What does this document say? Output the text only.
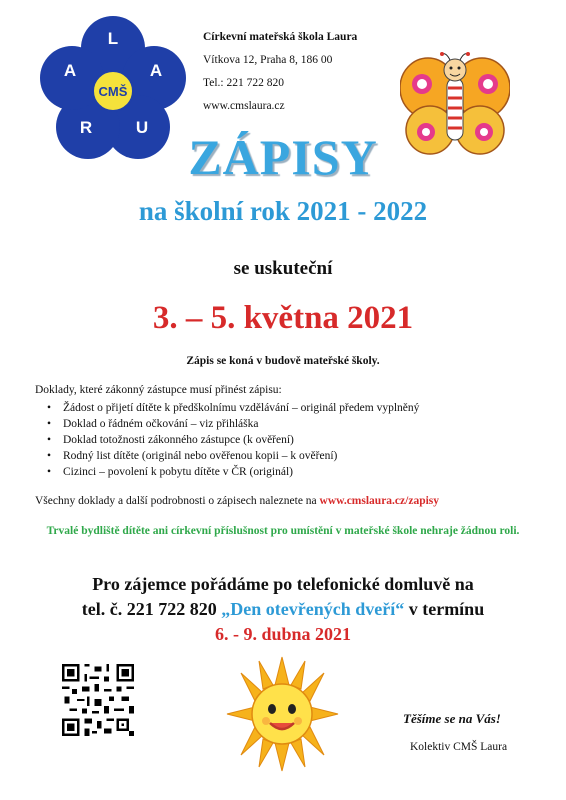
CMŠ
L
A
U
R
A
Církevní mateřská škola Laura
Vítkova 12, Praha 8, 186 00
Tel.: 221 722 820
www.cmslaura.cz
ZÁPISY
na školní rok 2021 - 2022
se uskuteční
3. – 5. května 2021
Zápis se koná v budově mateřské školy.
Doklady, které zákonný zástupce musí přinést zápisu:
• Žádost o přijetí dítěte k předškolnímu vzdělávání – originál předem vyplněný
• Doklad o řádném očkování – viz přihláška
• Doklad totožnosti zákonného zástupce (k ověření)
• Rodný list dítěte (originál nebo ověřenou kopii – k ověření)
• Cizinci – povolení k pobytu dítěte v ČR (originál)
Všechny doklady a další podrobnosti o zápisech naleznete na www.cmslaura.cz/zapisy
Trvalé bydliště dítěte ani církevní příslušnost pro umístění v mateřské škole nehraje žádnou roli.
Pro zájemce pořádáme po telefonické domluvě na
tel. č. 221 722 820 „Den otevřených dveří“ v termínu
6. - 9. dubna 2021
Těšíme se na Vás!
Kolektiv CMŠ Laura
